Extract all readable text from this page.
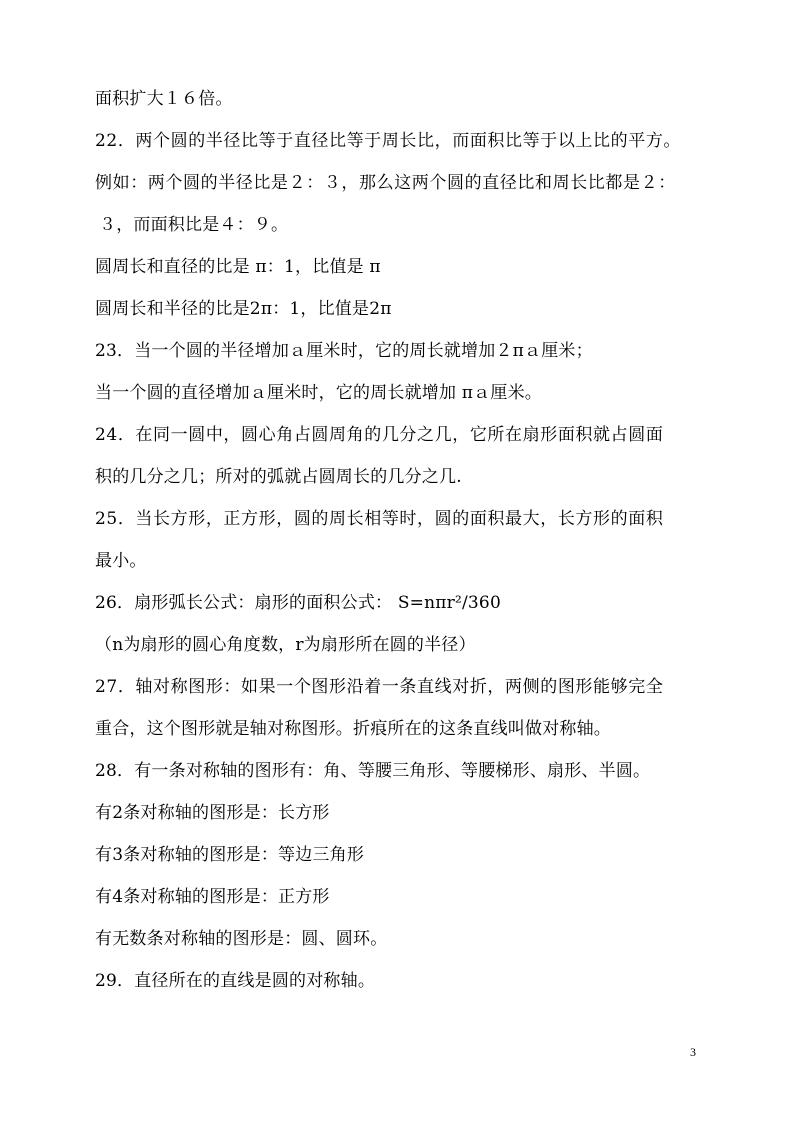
面积扩大１６倍。
22．两个圆的半径比等于直径比等于周长比，而面积比等于以上比的平方。
例如：两个圆的半径比是２：３，那么这两个圆的直径比和周长比都是２：
３，而面积比是４：９。
圆周长和直径的比是 π：1，比值是 π
圆周长和半径的比是2π：1，比值是2π
23．当一个圆的半径增加ａ厘米时，它的周长就增加２πａ厘米；
当一个圆的直径增加ａ厘米时，它的周长就增加 πａ厘米。
24．在同一圆中，圆心角占圆周角的几分之几，它所在扇形面积就占圆面
积的几分之几；所对的弧就占圆周长的几分之几.
25．当长方形，正方形，圆的周长相等时，圆的面积最大，长方形的面积
最小。
26．扇形弧长公式：扇形的面积公式： S=nπr²/360
（n为扇形的圆心角度数，r为扇形所在圆的半径）
27．轴对称图形：如果一个图形沿着一条直线对折，两侧的图形能够完全
重合，这个图形就是轴对称图形。折痕所在的这条直线叫做对称轴。
28．有一条对称轴的图形有：角、等腰三角形、等腰梯形、扇形、半圆。
有2条对称轴的图形是：长方形
有3条对称轴的图形是：等边三角形
有4条对称轴的图形是：正方形
有无数条对称轴的图形是：圆、圆环。
29．直径所在的直线是圆的对称轴。
3
